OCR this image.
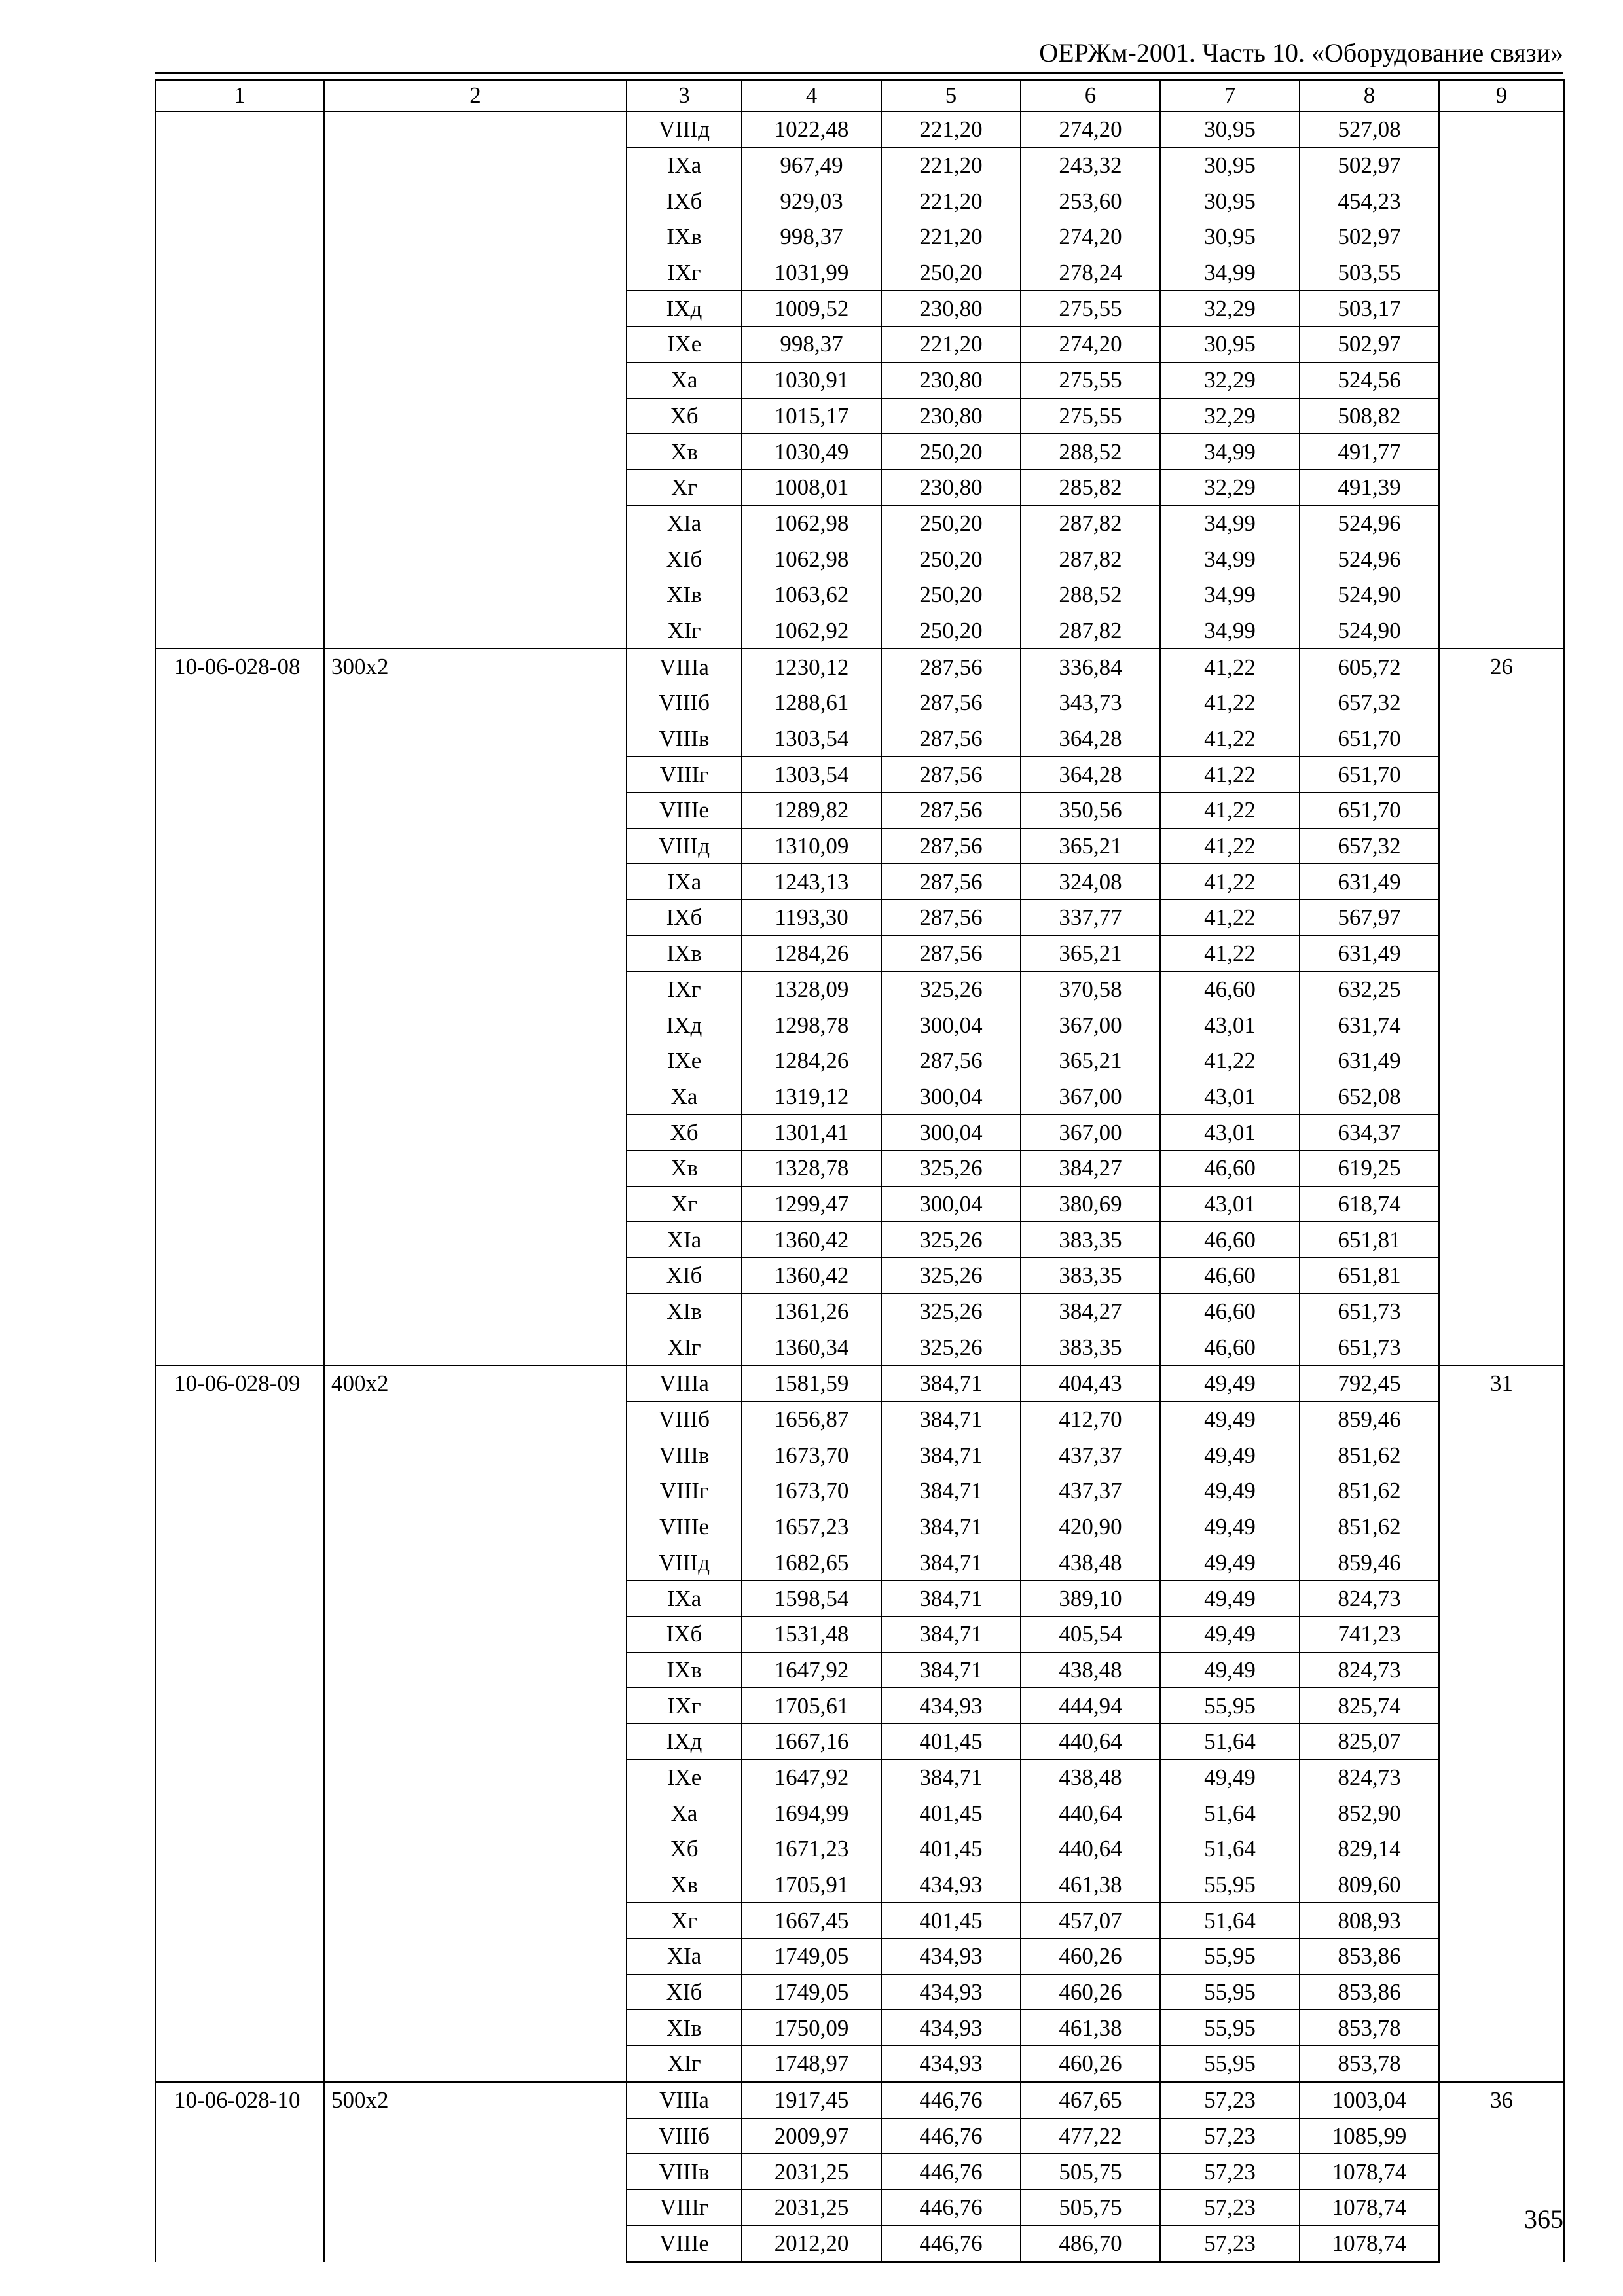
ОЕРЖм-2001. Часть 10. «Оборудование связи»
1	2	3	4	5	6	7	8	9
		VIIIд	1022,48	221,20	274,20	30,95	527,08	
		IXа	967,49	221,20	243,32	30,95	502,97	
		IXб	929,03	221,20	253,60	30,95	454,23	
		IXв	998,37	221,20	274,20	30,95	502,97	
		IXг	1031,99	250,20	278,24	34,99	503,55	
		IXд	1009,52	230,80	275,55	32,29	503,17	
		IXе	998,37	221,20	274,20	30,95	502,97	
		Xа	1030,91	230,80	275,55	32,29	524,56	
		Xб	1015,17	230,80	275,55	32,29	508,82	
		Xв	1030,49	250,20	288,52	34,99	491,77	
		Xг	1008,01	230,80	285,82	32,29	491,39	
		XIа	1062,98	250,20	287,82	34,99	524,96	
		XIб	1062,98	250,20	287,82	34,99	524,96	
		XIв	1063,62	250,20	288,52	34,99	524,90	
		XIг	1062,92	250,20	287,82	34,99	524,90	
10-06-028-08	300x2	VIIIа	1230,12	287,56	336,84	41,22	605,72	26
		VIIIб	1288,61	287,56	343,73	41,22	657,32	
		VIIIв	1303,54	287,56	364,28	41,22	651,70	
		VIIIг	1303,54	287,56	364,28	41,22	651,70	
		VIIIе	1289,82	287,56	350,56	41,22	651,70	
		VIIIд	1310,09	287,56	365,21	41,22	657,32	
		IXа	1243,13	287,56	324,08	41,22	631,49	
		IXб	1193,30	287,56	337,77	41,22	567,97	
		IXв	1284,26	287,56	365,21	41,22	631,49	
		IXг	1328,09	325,26	370,58	46,60	632,25	
		IXд	1298,78	300,04	367,00	43,01	631,74	
		IXе	1284,26	287,56	365,21	41,22	631,49	
		Xа	1319,12	300,04	367,00	43,01	652,08	
		Xб	1301,41	300,04	367,00	43,01	634,37	
		Xв	1328,78	325,26	384,27	46,60	619,25	
		Xг	1299,47	300,04	380,69	43,01	618,74	
		XIа	1360,42	325,26	383,35	46,60	651,81	
		XIб	1360,42	325,26	383,35	46,60	651,81	
		XIв	1361,26	325,26	384,27	46,60	651,73	
		XIг	1360,34	325,26	383,35	46,60	651,73	
10-06-028-09	400x2	VIIIа	1581,59	384,71	404,43	49,49	792,45	31
		VIIIб	1656,87	384,71	412,70	49,49	859,46	
		VIIIв	1673,70	384,71	437,37	49,49	851,62	
		VIIIг	1673,70	384,71	437,37	49,49	851,62	
		VIIIе	1657,23	384,71	420,90	49,49	851,62	
		VIIIд	1682,65	384,71	438,48	49,49	859,46	
		IXа	1598,54	384,71	389,10	49,49	824,73	
		IXб	1531,48	384,71	405,54	49,49	741,23	
		IXв	1647,92	384,71	438,48	49,49	824,73	
		IXг	1705,61	434,93	444,94	55,95	825,74	
		IXд	1667,16	401,45	440,64	51,64	825,07	
		IXе	1647,92	384,71	438,48	49,49	824,73	
		Xа	1694,99	401,45	440,64	51,64	852,90	
		Xб	1671,23	401,45	440,64	51,64	829,14	
		Xв	1705,91	434,93	461,38	55,95	809,60	
		Xг	1667,45	401,45	457,07	51,64	808,93	
		XIа	1749,05	434,93	460,26	55,95	853,86	
		XIб	1749,05	434,93	460,26	55,95	853,86	
		XIв	1750,09	434,93	461,38	55,95	853,78	
		XIг	1748,97	434,93	460,26	55,95	853,78	
10-06-028-10	500x2	VIIIа	1917,45	446,76	467,65	57,23	1003,04	36
		VIIIб	2009,97	446,76	477,22	57,23	1085,99	
		VIIIв	2031,25	446,76	505,75	57,23	1078,74	
		VIIIг	2031,25	446,76	505,75	57,23	1078,74	
		VIIIе	2012,20	446,76	486,70	57,23	1078,74	
365
